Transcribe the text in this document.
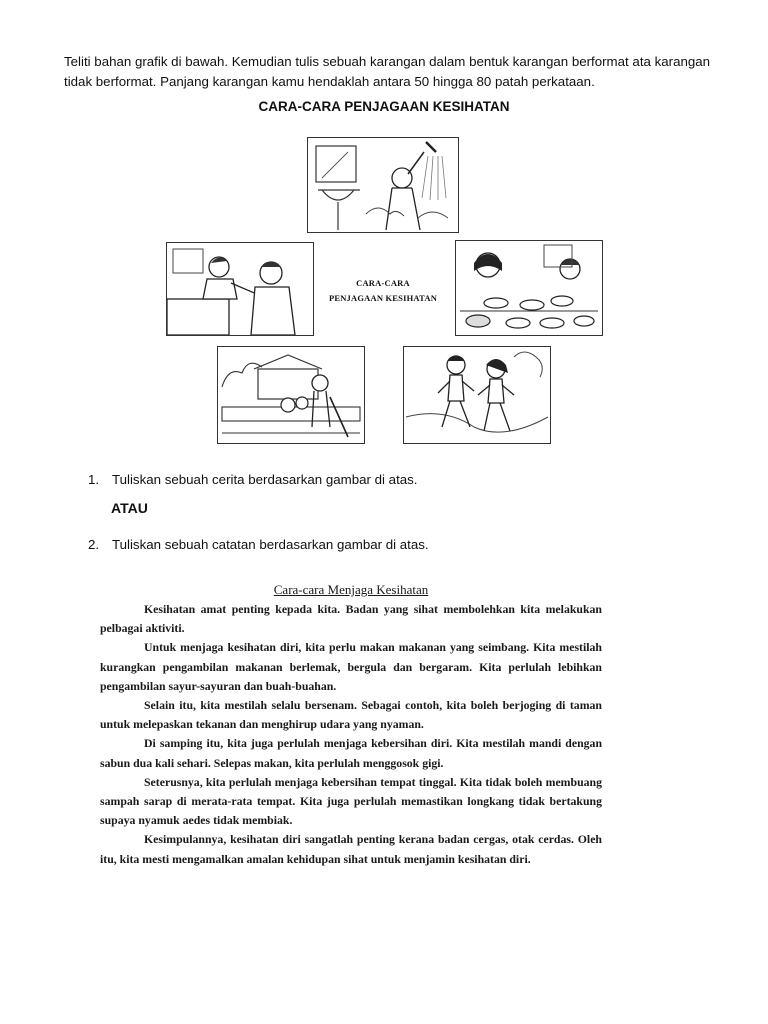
Teliti bahan grafik di bawah. Kemudian tulis sebuah karangan dalam bentuk karangan berformat ata karangan tidak berformat. Panjang karangan kamu hendaklah antara 50 hingga 80 patah perkataan.
CARA-CARA PENJAGAAN KESIHATAN
CARA-CARA
PENJAGAAN KESIHATAN
1. Tuliskan sebuah cerita berdasarkan gambar di atas.
ATAU
2. Tuliskan sebuah catatan berdasarkan gambar di atas.
Cara-cara Menjaga Kesihatan

Kesihatan amat penting kepada kita. Badan yang sihat membolehkan kita melakukan pelbagai aktiviti.

Untuk menjaga kesihatan diri, kita perlu makan makanan yang seimbang. Kita mestilah kurangkan pengambilan makanan berlemak, bergula dan bergaram. Kita perlulah lebihkan pengambilan sayur-sayuran dan buah-buahan.

Selain itu, kita mestilah selalu bersenam. Sebagai contoh, kita boleh berjoging di taman untuk melepaskan tekanan dan menghirup udara yang nyaman.

Di samping itu, kita juga perlulah menjaga kebersihan diri. Kita mestilah mandi dengan sabun dua kali sehari. Selepas makan, kita perlulah menggosok gigi.

Seterusnya, kita perlulah menjaga kebersihan tempat tinggal. Kita tidak boleh membuang sampah sarap di merata-rata tempat. Kita juga perlulah memastikan longkang tidak bertakung supaya nyamuk aedes tidak membiak.

Kesimpulannya, kesihatan diri sangatlah penting kerana badan cergas, otak cerdas. Oleh itu, kita mesti mengamalkan amalan kehidupan sihat untuk menjamin kesihatan diri.
